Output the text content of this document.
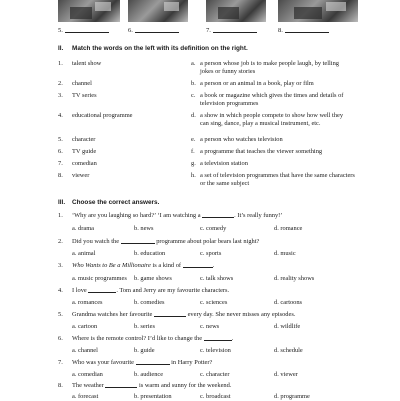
5.	6.	7.	8.
II. Match the words on the left with its definition on the right.
1.	talent show	a. a person whose job is to make people laugh, by telling
jokes or funny stories
2.	channel	b. a person or an animal in a book, play or film
3.	TV series	c. a book or magazine which gives the times and details of
television programmes
4.	educational programme	d. a show in which people compete to show how well they
can sing, dance, play a musical instrument, etc.
5.	character	e. a person who watches television
6.	TV guide	f. a programme that teaches the viewer something
7.	comedian	g. a television station
8.	viewer	h. a set of television programmes that have the same characters
or the same subject
III. Choose the correct answers.
1.	‘Why are you laughing so hard?’ ‘I am watching a	. It’s really funny!’
a. drama	b. news	c. comedy	d. romance
2.	Did you watch the	programme about polar bears last night?
a. animal	b. education	c. sports	d. music
3.	Who Wants to Be a Millionaire is a kind of	.
a. music programmes b. game shows	c. talk shows	d. reality shows
4.	I love	. Tom and Jerry are my favourite characters.
a. romances	b. comedies	c. sciences	d. cartoons
5.	Grandma watches her favourite	every day. She never misses any episodes.
a. cartoon	b. series	c. news	d. wildlife
6.	Where is the remote control? I’d like to change the	.
a. channel	b. guide	c. television	d. schedule
7.	Who was your favourite	in Harry Potter?
a. comedian	b. audience	c. character	d. viewer
8.	The weather	is warm and sunny for the weekend.
a. forecast	b. presentation	c. broadcast	d. programme
